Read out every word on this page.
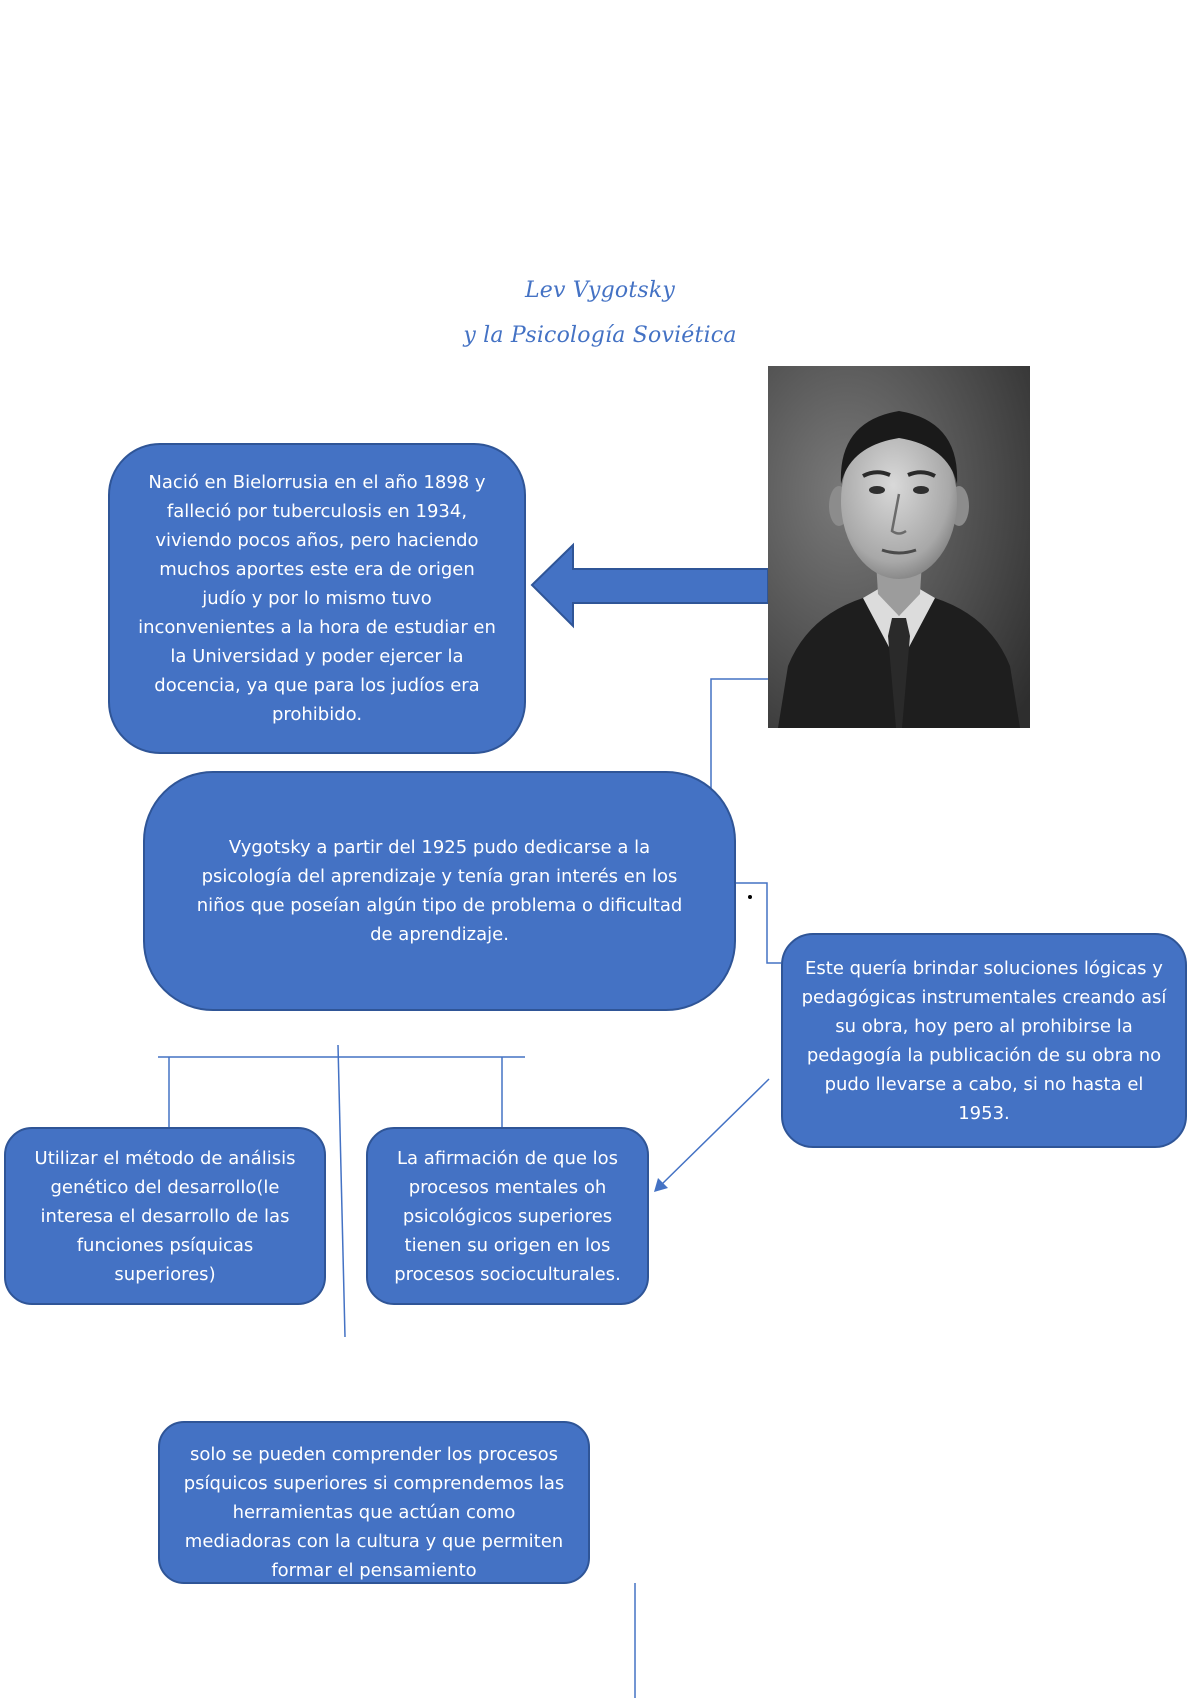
Lev Vygotsky
y la Psicología Soviética
Nació en Bielorrusia en el año 1898 y falleció por tuberculosis en 1934, viviendo pocos años, pero haciendo muchos aportes este era de origen judío y por lo mismo tuvo inconvenientes a la hora de estudiar en la Universidad y poder ejercer la docencia, ya que para los judíos era prohibido.
Vygotsky a partir del 1925 pudo dedicarse a la psicología del aprendizaje y tenía gran interés en los niños que poseían algún tipo de problema o dificultad de aprendizaje.
Este quería brindar soluciones lógicas y pedagógicas instrumentales creando así su obra, hoy pero al prohibirse la pedagogía la publicación de su obra no pudo llevarse a cabo, si no hasta el 1953.
Utilizar el método de análisis genético del desarrollo(le interesa el desarrollo de las funciones psíquicas superiores)
La afirmación de que los procesos mentales oh psicológicos superiores tienen su origen en los procesos socioculturales.
solo se pueden comprender los procesos psíquicos superiores si comprendemos las herramientas que actúan como mediadoras con la cultura y que permiten formar el pensamiento
